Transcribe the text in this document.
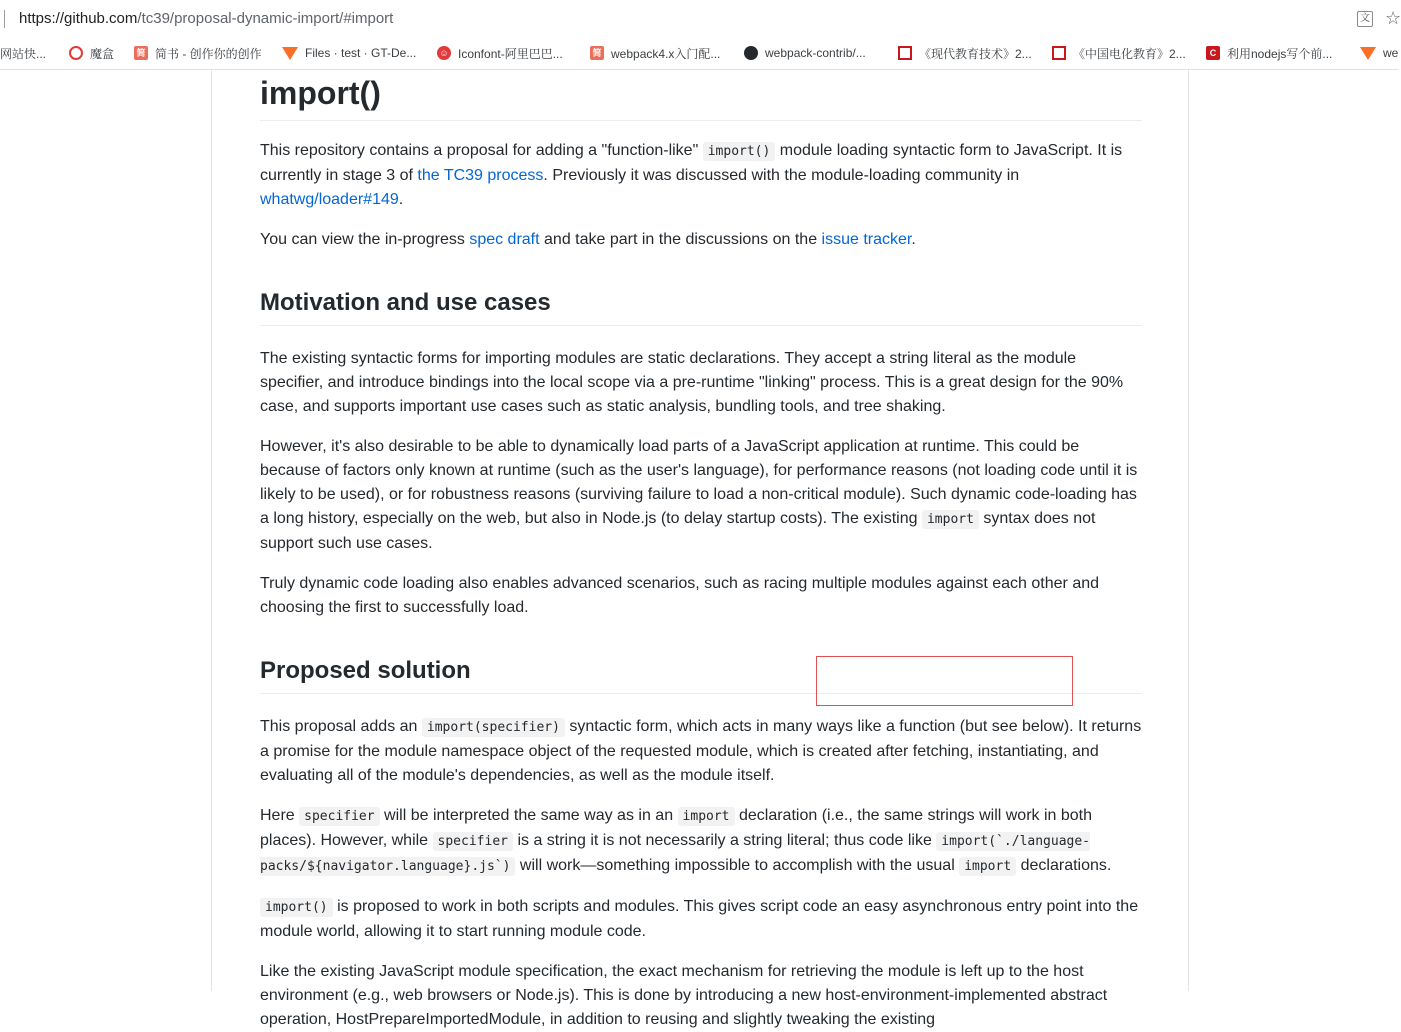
https://github.com/tc39/proposal-dynamic-import/#import	文 ☆
网站快...	魔盒 简 简书 - 创作你的创作	Files · test · GT-De...	☺ Iconfont-阿里巴巴...	简 webpack4.x入门配...	webpack-contrib/...	《现代教育技术》2...	《中国电化教育》2...	C 利用nodejs写个前...	we
import()

This repository contains a proposal for adding a "function-like" import() module loading syntactic form to JavaScript. It is currently in stage 3 of the TC39 process. Previously it was discussed with the module-loading community in whatwg/loader#149.

You can view the in-progress spec draft and take part in the discussions on the issue tracker.

Motivation and use cases

The existing syntactic forms for importing modules are static declarations. They accept a string literal as the module specifier, and introduce bindings into the local scope via a pre-runtime "linking" process. This is a great design for the 90% case, and supports important use cases such as static analysis, bundling tools, and tree shaking.

However, it's also desirable to be able to dynamically load parts of a JavaScript application at runtime. This could be because of factors only known at runtime (such as the user's language), for performance reasons (not loading code until it is likely to be used), or for robustness reasons (surviving failure to load a non-critical module). Such dynamic code-loading has a long history, especially on the web, but also in Node.js (to delay startup costs). The existing import syntax does not support such use cases.

Truly dynamic code loading also enables advanced scenarios, such as racing multiple modules against each other and choosing the first to successfully load.

Proposed solution

This proposal adds an import(specifier) syntactic form, which acts in many ways like a function (but see below). It returns a promise for the module namespace object of the requested module, which is created after fetching, instantiating, and evaluating all of the module's dependencies, as well as the module itself.

Here specifier will be interpreted the same way as in an import declaration (i.e., the same strings will work in both places). However, while specifier is a string it is not necessarily a string literal; thus code like import(`./language-packs/${navigator.language}.js`) will work—something impossible to accomplish with the usual import declarations.

import() is proposed to work in both scripts and modules. This gives script code an easy asynchronous entry point into the module world, allowing it to start running module code.

Like the existing JavaScript module specification, the exact mechanism for retrieving the module is left up to the host environment (e.g., web browsers or Node.js). This is done by introducing a new host-environment-implemented abstract operation, HostPrepareImportedModule, in addition to reusing and slightly tweaking the existing
